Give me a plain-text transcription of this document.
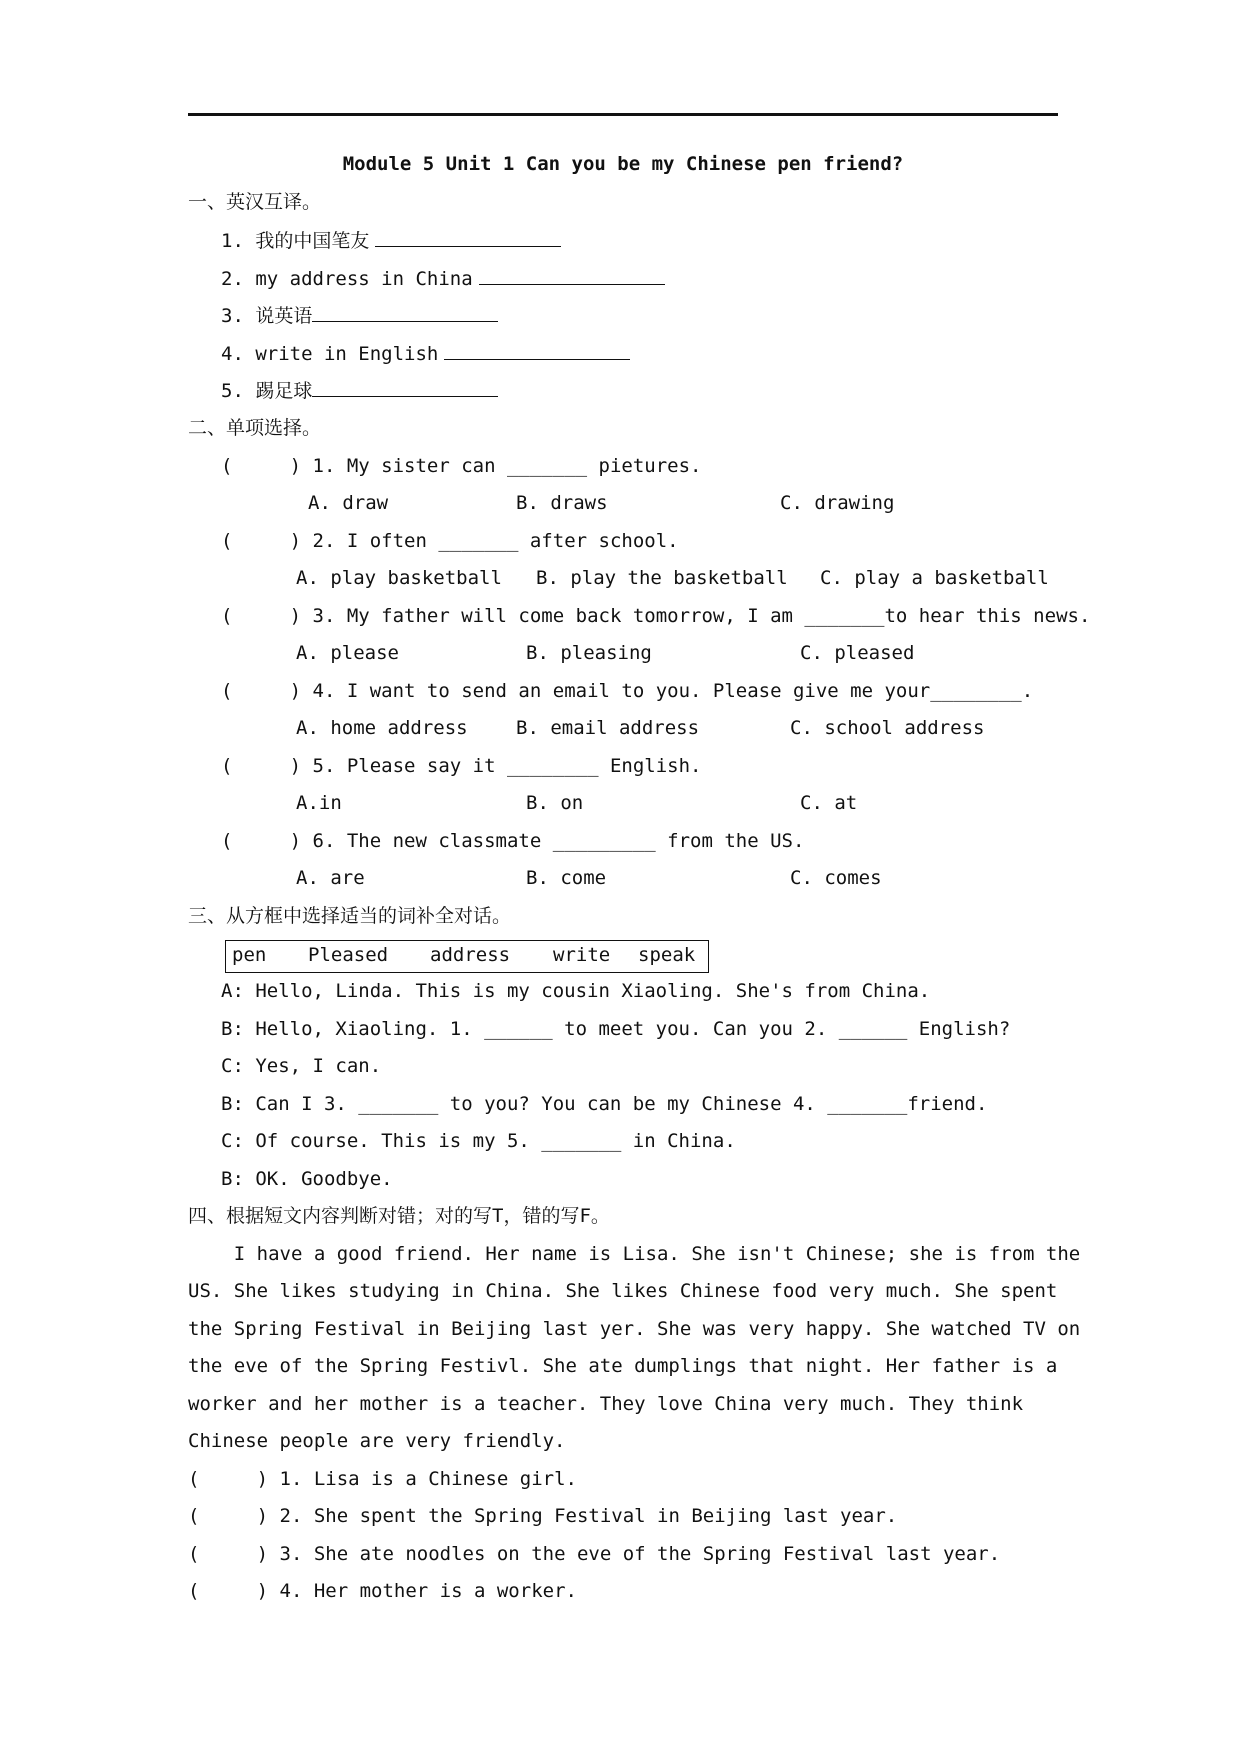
Module 5 Unit 1 Can you be my Chinese pen friend?
一、英汉互译。
1. 我的中国笔友
2. my address in China
3. 说英语
4. write in English
5. 踢足球
二、单项选择。
(     ) 1. My sister can _______ pietures.
A. draw	B. draws	C. drawing
(     ) 2. I often _______ after school.
A. play basketball B. play the basketball C. play a basketball
(     ) 3. My father will come back tomorrow, I am _______to hear this news.
A. please	B. pleasing	C. pleased
(     ) 4. I want to send an email to you. Please give me your________.
A. home address	B. email address	C. school address
(     ) 5. Please say it ________ English.
A.in	B. on	C. at
(     ) 6. The new classmate _________ from the US.
A. are	B. come	C. comes
三、从方框中选择适当的词补全对话。
pen Pleased address write speak
A: Hello, Linda. This is my cousin Xiaoling. She's from China.
B: Hello, Xiaoling. 1. ______ to meet you. Can you 2. ______ English?
C: Yes, I can.
B: Can I 3. _______ to you? You can be my Chinese 4. _______friend.
C: Of course. This is my 5. _______ in China.
B: OK. Goodbye.
四、根据短文内容判断对错；对的写T，错的写F。
I have a good friend. Her name is Lisa. She isn't Chinese; she is from the
US. She likes studying in China. She likes Chinese food very much. She spent
the Spring Festival in Beijing last yer. She was very happy. She watched TV on
the eve of the Spring Festivl. She ate dumplings that night. Her father is a
worker and her mother is a teacher. They love China very much. They think
Chinese people are very friendly.
(     ) 1. Lisa is a Chinese girl.
(     ) 2. She spent the Spring Festival in Beijing last year.
(     ) 3. She ate noodles on the eve of the Spring Festival last year.
(     ) 4. Her mother is a worker.
